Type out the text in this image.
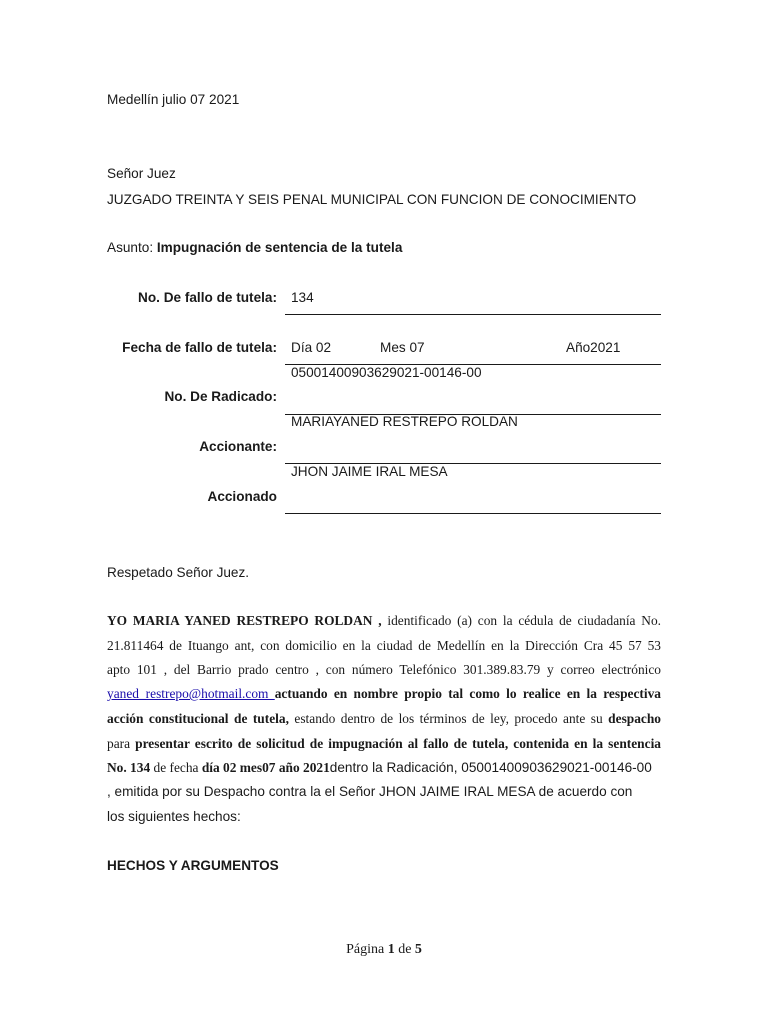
Medellín julio 07 2021
Señor Juez
JUZGADO TREINTA Y SEIS PENAL MUNICIPAL CON FUNCION DE CONOCIMIENTO
Asunto: Impugnación de sentencia de la tutela
No. De fallo de tutela: 134
Fecha de fallo de tutela: Día 02	Mes 07	Año2021
05001400903629021-00146-00
No. De Radicado:
MARIAYANED RESTREPO ROLDAN
Accionante:
JHON JAIME IRAL MESA
Accionado
Respetado Señor Juez.
YO MARIA YANED RESTREPO ROLDAN , identificado (a) con la cédula de ciudadanía No.
21.811464 de Ituango ant, con domicilio en la ciudad de Medellín en la Dirección Cra 45 57 53
apto 101 , del Barrio prado centro , con número Telefónico 301.389.83.79 y correo electrónico
yaned_restrepo@hotmail.com actuando en nombre propio tal como lo realice en la respectiva
acción constitucional de tutela, estando dentro de los términos de ley, procedo ante su despacho
para presentar escrito de solicitud de impugnación al fallo de tutela, contenida en la sentencia
No. 134 de fecha día 02 mes07 año 2021dentro la Radicación, 05001400903629021-00146-00
, emitida por su Despacho contra la el Señor JHON JAIME IRAL MESA de acuerdo con
los siguientes hechos:
HECHOS Y ARGUMENTOS
Página 1 de 5
